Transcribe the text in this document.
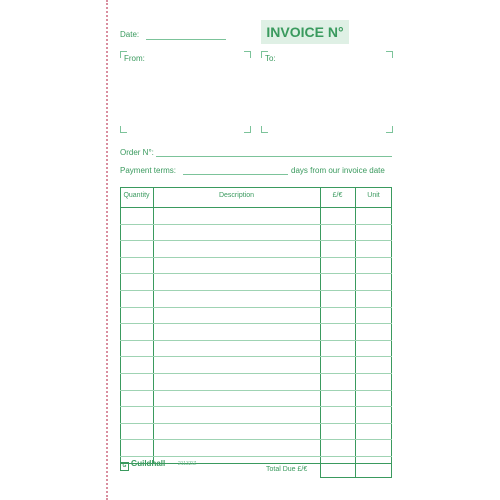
Date:	INVOICE N°
From:	To:
Order N°:
Payment terms:	days from our invoice date
Quantity	Description	£/€	Unit
Total Due £/€
G Guildhall	2113Z/Z
